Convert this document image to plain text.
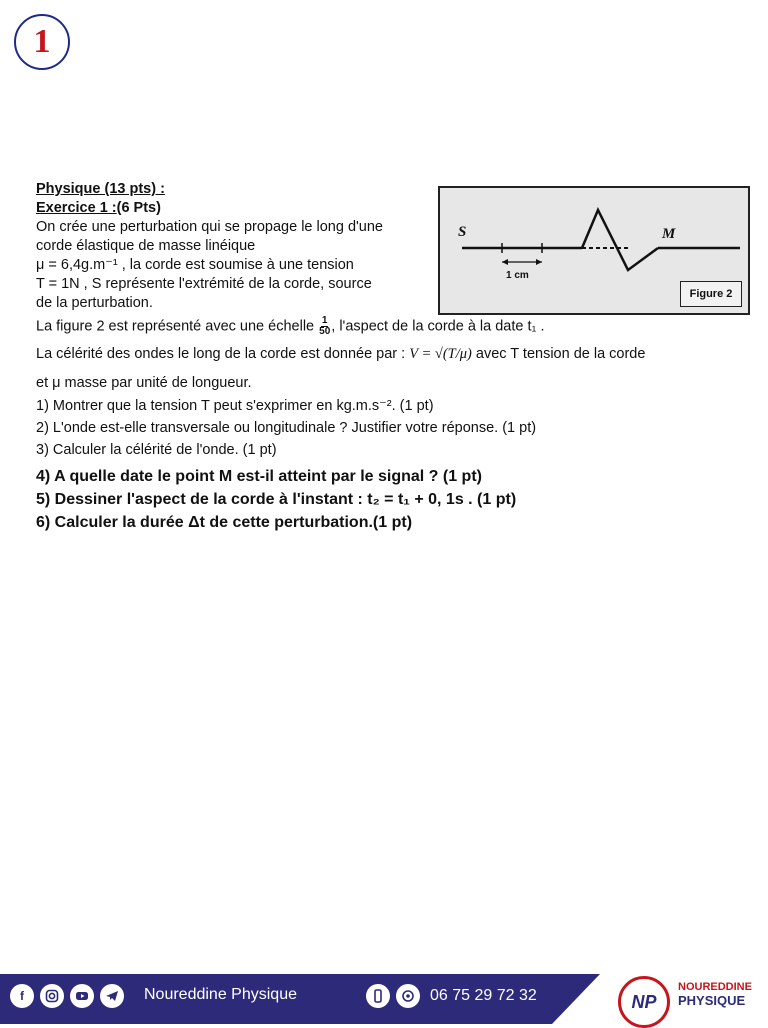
1

Physique (13 pts) :

Exercice 1 :(6 Pts)

On crée une perturbation qui se propage le long d'une

corde élastique de masse linéique

μ = 6,4g.m⁻¹ , la corde est soumise à une tension

T = 1N , S représente l'extrémité de la corde, source

de la perturbation.

La figure 2 est représenté avec une échelle $\frac{1}{50}$ , l'aspect de la corde à la date t₁ .

La célérité des ondes le long de la corde est donnée par : V = √(T/μ) avec T tension de la corde

et μ masse par unité de longueur.

1) Montrer que la tension T peut s'exprimer en kg.m.s⁻². (1 pt)

2) L'onde est-elle transversale ou longitudinale ? Justifier votre réponse. (1 pt)

3) Calculer la célérité de l'onde. (1 pt)

4) A quelle date le point M est-il atteint par le signal ? (1 pt)

5) Dessiner l'aspect de la corde à l'instant : t₂ = t₁ + 0, 1s . (1 pt)

6) Calculer la durée Δt de cette perturbation.(1 pt)

S	M
1 cm
Figure 2
f	Noureddine Physique	06 75 29 72 32	NP
NOUREDDINE
PHYSIQUE
